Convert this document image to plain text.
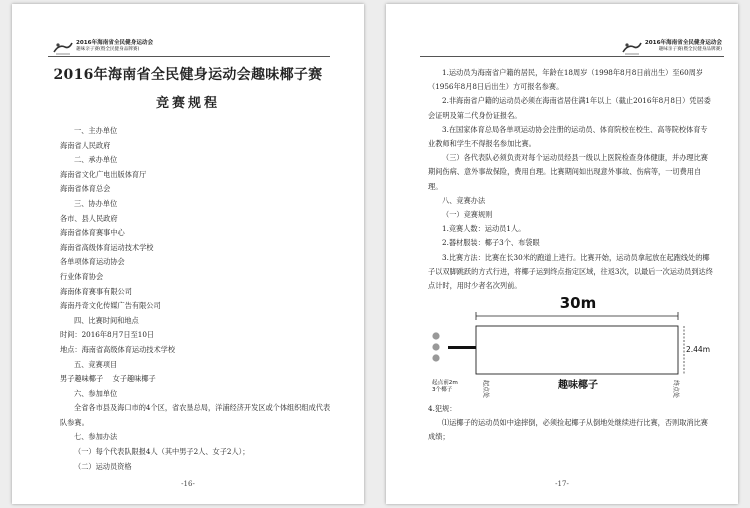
2016年海南省全民健身运动会
趣味亲子赛(暨全民健身品牌赛)
2016年海南省全民健身运动会趣味椰子赛
竞赛规程
一、主办单位
海南省人民政府
二、承办单位
海南省文化广电出版体育厅
海南省体育总会
三、协办单位
各市、县人民政府
海南省体育赛事中心
海南省高级体育运动技术学校
各单项体育运动协会
行业体育协会
海南体育赛事有限公司
海南丹奇文化传媒广告有限公司
四、比赛时间和地点
时间：2016年8月7日至10日
地点：海南省高级体育运动技术学校
五、竞赛项目
男子趣味椰子　 女子趣味椰子
六、参加单位
全省各市县及海口市的4个区，省农垦总局，洋浦经济开发区或个体组织组成代表队参赛。
七、参加办法
（一）每个代表队限报4人（其中男子2人、女子2人）；
（二）运动员资格
-16-
2016年海南省全民健身运动会
趣味亲子赛(暨全民健身品牌赛)
1.运动员为海南省户籍的居民，年龄在18周岁（1998年8月8日前出生）至60周岁（1956年8月8日后出生）方可报名参赛。
2.非海南省户籍的运动员必须在海南省居住满1年以上（截止2016年8月8日）凭居委会证明及第二代身份证报名。
3.在国家体育总局各单项运动协会注册的运动员、体育院校在校生、高等院校体育专业教师和学生不得报名参加比赛。
（三）各代表队必须负责对每个运动员经县一级以上医院检查身体健康，并办理比赛期间伤病、意外事故保险，费用自理。比赛期间如出现意外事故、伤病等，一切费用自理。
八、竞赛办法
（一）竞赛规则
1.竞赛人数：运动员1人。
2.器材服装：椰子3个、布袋眼
3.比赛方法：比赛在长30米的跑道上进行。比赛开始，运动员拿起放在起跑线处的椰子以双脚跳跃的方式行进，将椰子运到终点指定区域，往返3次，以最后一次运动员到达终点计时，用时少者名次列前。
30m
2.44m
起点前2m 3个椰子	起点处	终点处
趣味椰子
4.犯规：
⑴运椰子的运动员如中途摔倒，必须捡起椰子从倒地处继续进行比赛，否则取消比赛成绩；
-17-
